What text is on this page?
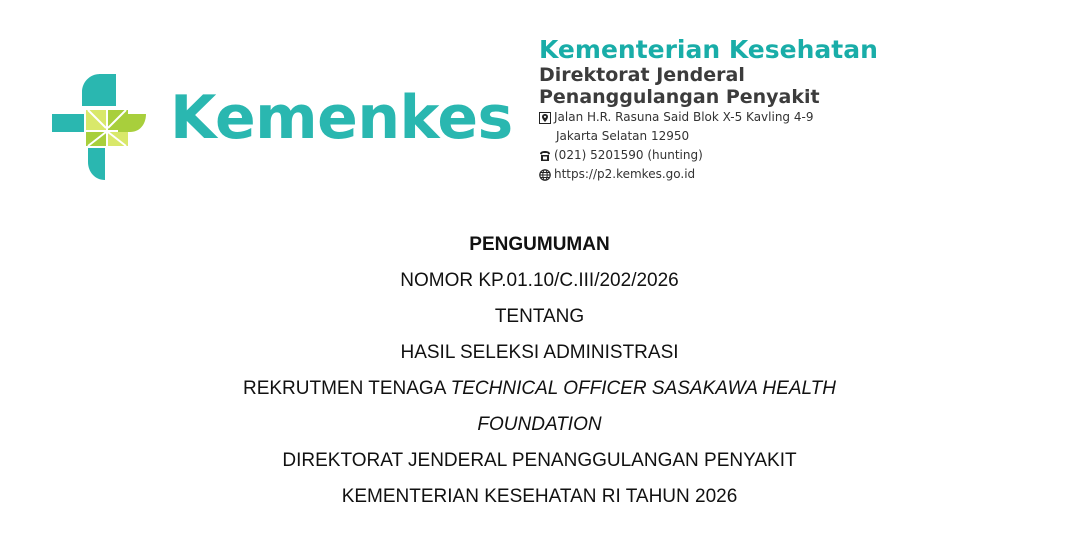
Kemenkes
Kementerian Kesehatan
Direktorat Jenderal
Penanggulangan Penyakit
Jalan H.R. Rasuna Said Blok X-5 Kavling 4-9
Jakarta Selatan 12950
(021) 5201590 (hunting)
https://p2.kemkes.go.id
PENGUMUMAN
NOMOR KP.01.10/C.III/202/2026
TENTANG
HASIL SELEKSI ADMINISTRASI
REKRUTMEN TENAGA TECHNICAL OFFICER SASAKAWA HEALTH
FOUNDATION
DIREKTORAT JENDERAL PENANGGULANGAN PENYAKIT
KEMENTERIAN KESEHATAN RI TAHUN 2026
